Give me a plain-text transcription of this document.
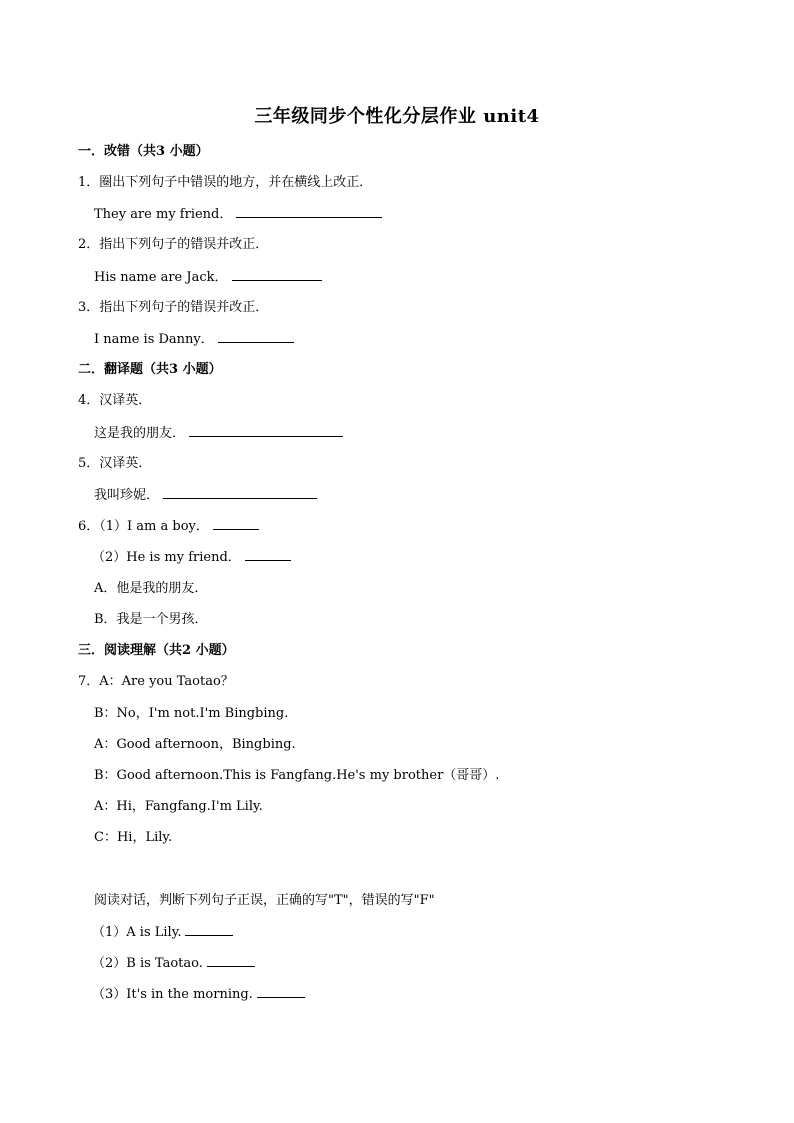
三年级同步个性化分层作业 unit4
一．改错（共3 小题）
1．圈出下列句子中错误的地方，并在横线上改正．
They are my friend．
2．指出下列句子的错误并改正．
His name are Jack．
3．指出下列句子的错误并改正．
I name is Danny．
二．翻译题（共3 小题）
4．汉译英．
这是我的朋友．
5．汉译英．
我叫珍妮．
6．（1）I am a boy．
（2）He is my friend．
A．他是我的朋友．
B．我是一个男孩．
三．阅读理解（共2 小题）
7．A：Are you Taotao？
B：No，I'm not.I'm Bingbing.
A：Good afternoon，Bingbing.
B：Good afternoon.This is Fangfang.He's my brother（哥哥）.
A：Hi，Fangfang.I'm Lily.
C：Hi，Lily.
阅读对话，判断下列句子正误，正确的写"T"，错误的写"F"
（1）A is Lily.
（2）B is Taotao.
（3）It's in the morning.
